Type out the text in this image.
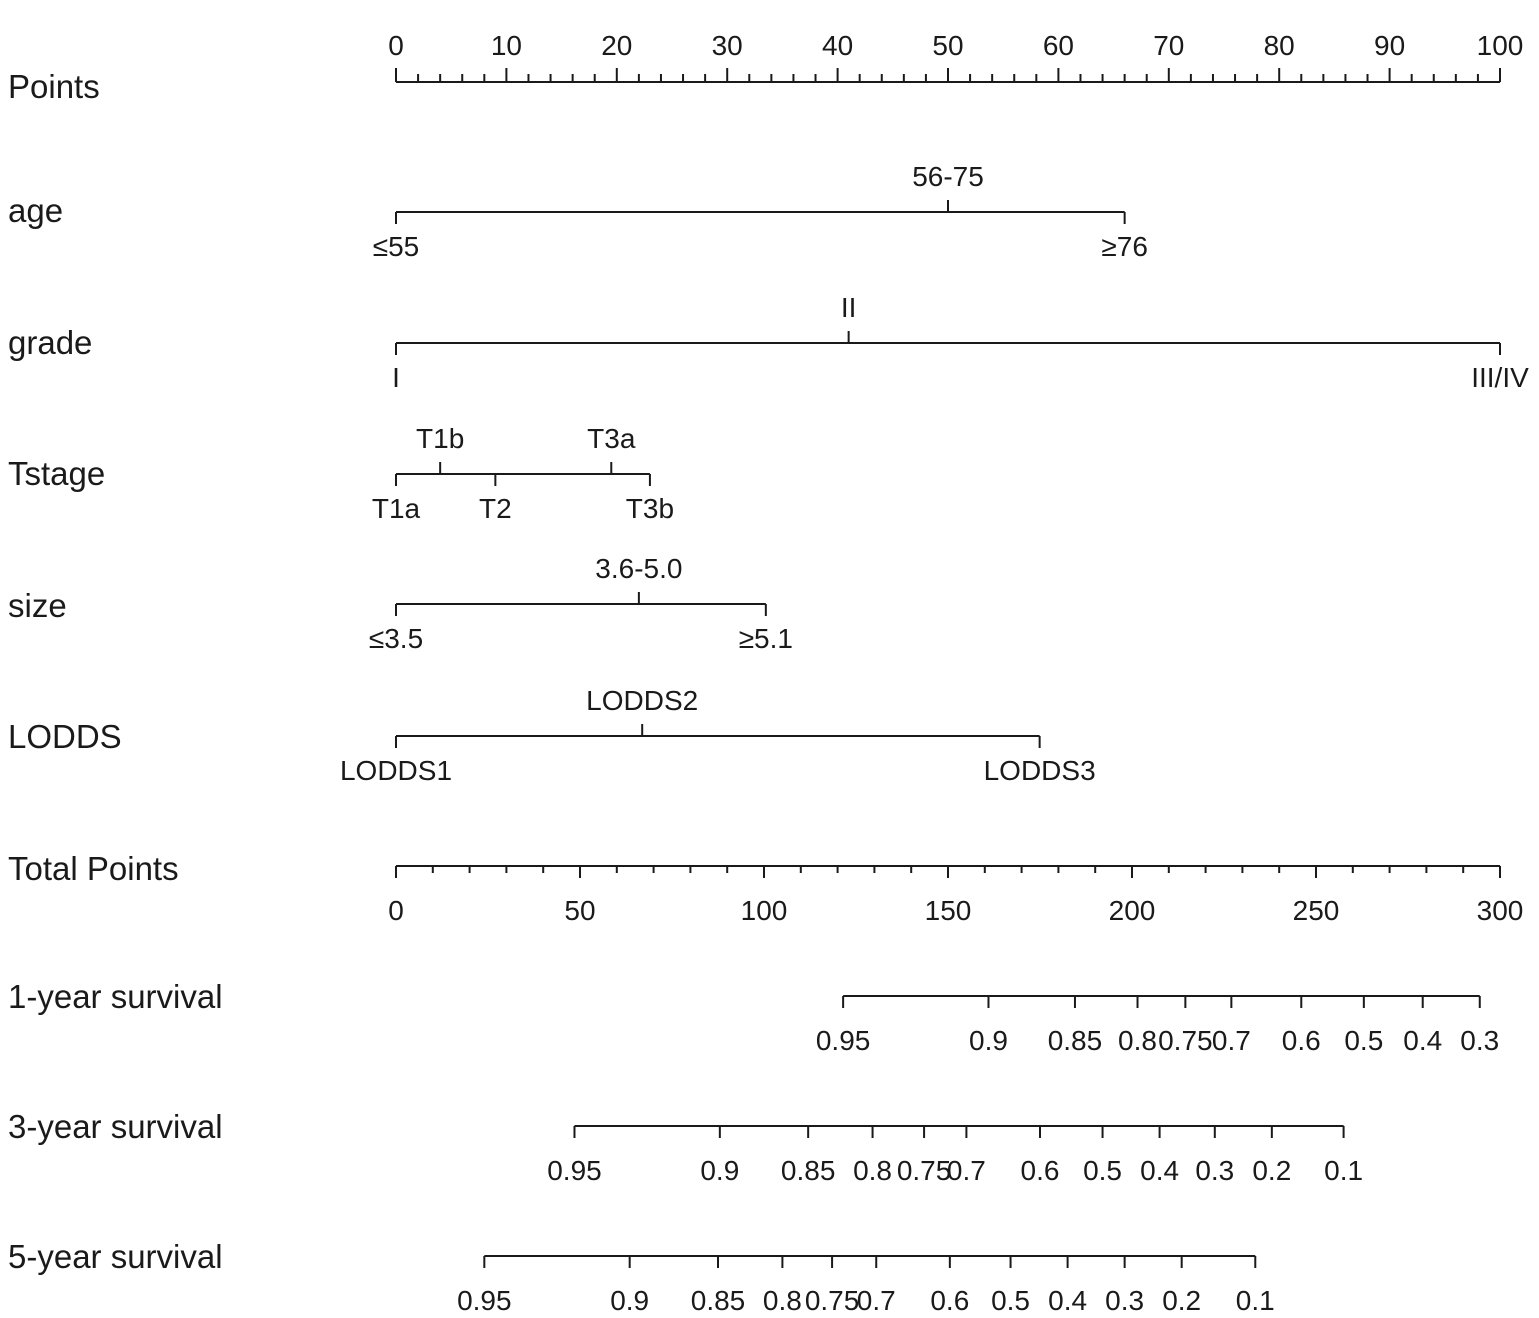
Points
0	10	20	30	40	50	60	70	80	90	100
age
≤55
56-75
≥76
grade
I
II
III/IV
Tstage
T1a
T1b
T2
T3a
T3b
size
≤3.5
3.6-5.0
≥5.1
LODDS
LODDS1
LODDS2
LODDS3
Total Points
0	50	100	150	200	250	300
1-year survival
0.95	0.9 0.85 0.8 0.75 0.7 0.6 0.5 0.4 0.3
3-year survival
0.95	0.9 0.85 0.8 0.75
0.7 0.6 0.5 0.4 0.3 0.2 0.1
5-year survival
0.95	0.9 0.85 0.8 0.75
0.7 0.6 0.5 0.4 0.3 0.2 0.1
